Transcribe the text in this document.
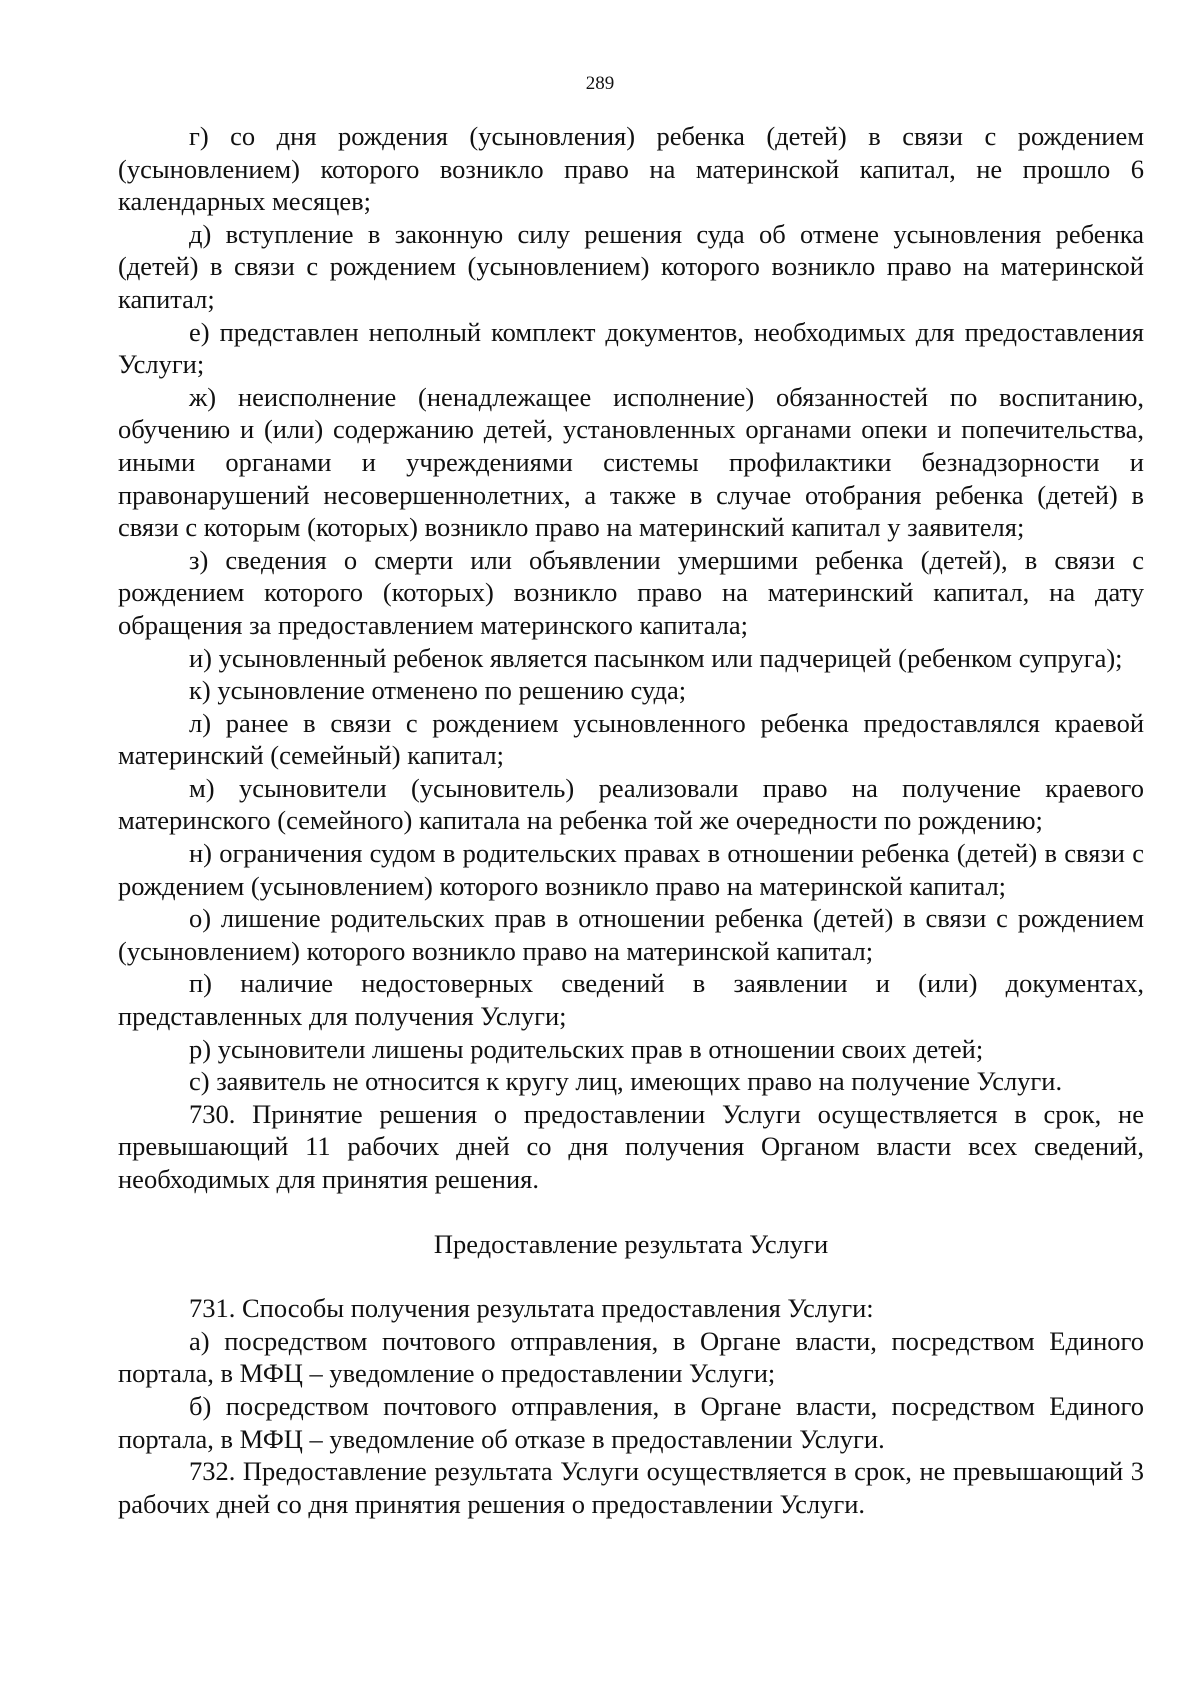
289

г) со дня рождения (усыновления) ребенка (детей) в связи с рождением (усыновлением) которого возникло право на материнской капитал, не прошло 6 календарных месяцев;

д) вступление в законную силу решения суда об отмене усыновления ребенка (детей) в связи с рождением (усыновлением) которого возникло право на материнской капитал;

е) представлен неполный комплект документов, необходимых для предоставления Услуги;

ж) неисполнение (ненадлежащее исполнение) обязанностей по воспитанию, обучению и (или) содержанию детей, установленных органами опеки и попечительства, иными органами и учреждениями системы профилактики безнадзорности и правонарушений несовершеннолетних, а также в случае отобрания ребенка (детей) в связи с которым (которых) возникло право на материнский капитал у заявителя;

з) сведения о смерти или объявлении умершими ребенка (детей), в связи с рождением которого (которых) возникло право на материнский капитал, на дату обращения за предоставлением материнского капитала;

и) усыновленный ребенок является пасынком или падчерицей (ребенком супруга);

к) усыновление отменено по решению суда;

л) ранее в связи с рождением усыновленного ребенка предоставлялся краевой материнский (семейный) капитал;

м) усыновители (усыновитель) реализовали право на получение краевого материнского (семейного) капитала на ребенка той же очередности по рождению;

н) ограничения судом в родительских правах в отношении ребенка (детей) в связи с рождением (усыновлением) которого возникло право на материнской капитал;

о) лишение родительских прав в отношении ребенка (детей) в связи с рождением (усыновлением) которого возникло право на материнской капитал;

п) наличие недостоверных сведений в заявлении и (или) документах, представленных для получения Услуги;

р) усыновители лишены родительских прав в отношении своих детей;

с) заявитель не относится к кругу лиц, имеющих право на получение Услуги.

730. Принятие решения о предоставлении Услуги осуществляется в срок, не превышающий 11 рабочих дней со дня получения Органом власти всех сведений, необходимых для принятия решения.

Предоставление результата Услуги

731. Способы получения результата предоставления Услуги:

а) посредством почтового отправления, в Органе власти, посредством Единого портала, в МФЦ – уведомление о предоставлении Услуги;

б) посредством почтового отправления, в Органе власти, посредством Единого портала, в МФЦ – уведомление об отказе в предоставлении Услуги.

732. Предоставление результата Услуги осуществляется в срок, не превышающий 3 рабочих дней со дня принятия решения о предоставлении Услуги.
